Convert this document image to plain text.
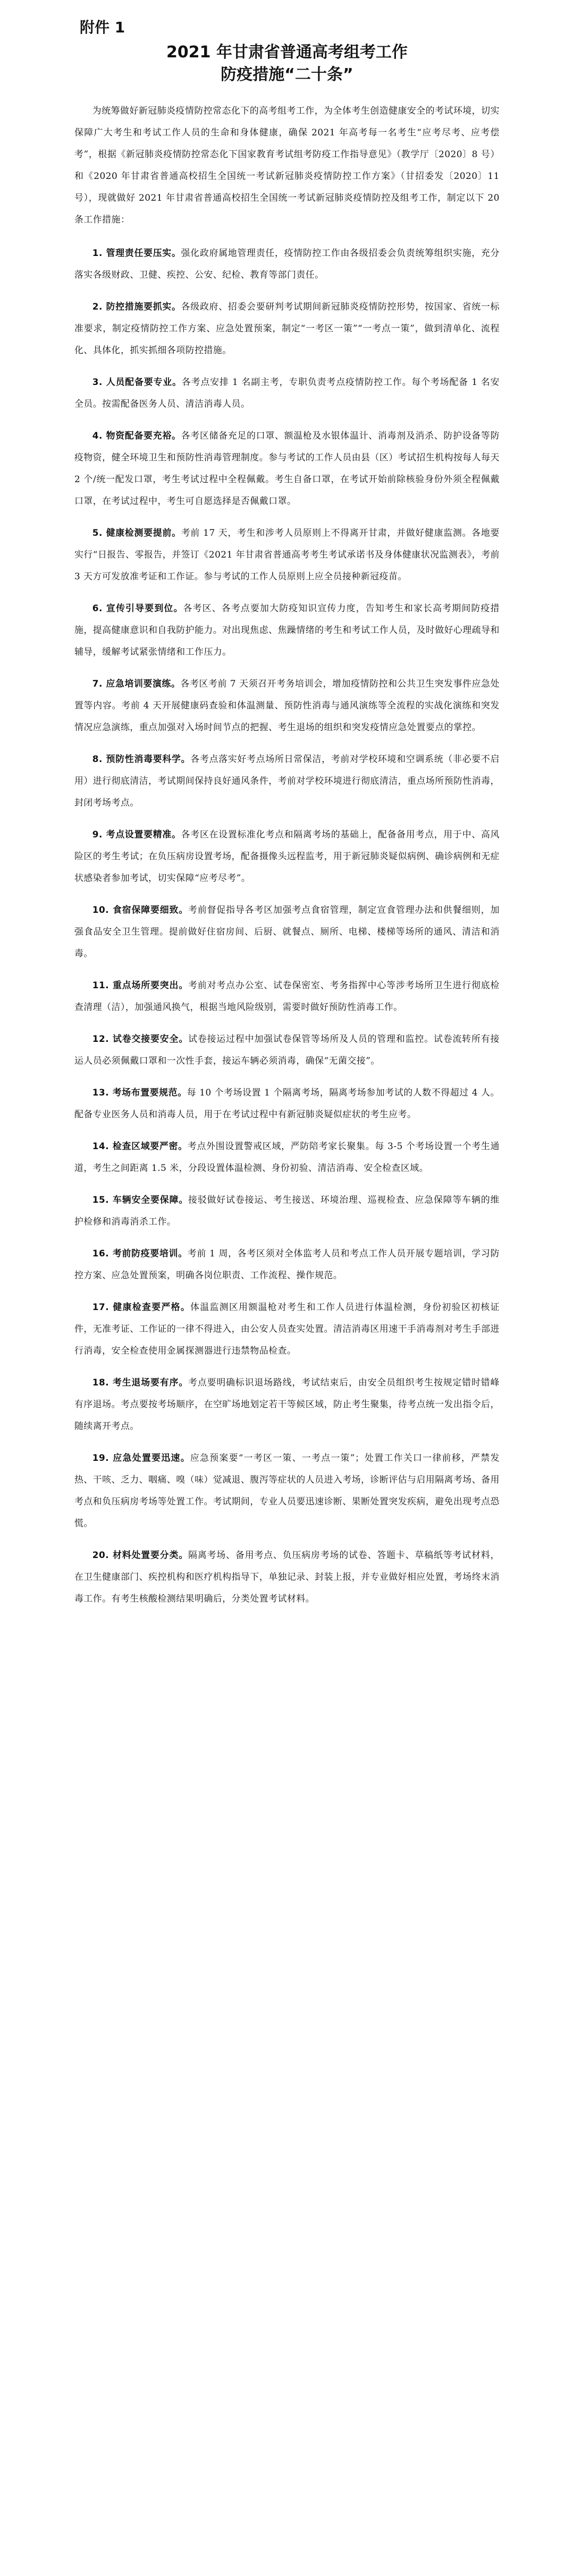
附件 1
2021 年甘肃省普通高考组考工作
防疫措施“二十条”

为统筹做好新冠肺炎疫情防控常态化下的高考组考工作，为全体考生创造健康安全的考试环境，切实保障广大考生和考试工作人员的生命和身体健康，确保 2021 年高考每一名考生“应考尽考、应考偿考”，根据《新冠肺炎疫情防控常态化下国家教育考试组考防疫工作指导意见》（教学厅〔2020〕8 号）和《2020 年甘肃省普通高校招生全国统一考试新冠肺炎疫情防控工作方案》（甘招委发〔2020〕11 号），现就做好 2021 年甘肃省普通高校招生全国统一考试新冠肺炎疫情防控及组考工作，制定以下 20 条工作措施：

1. 管理责任要压实。强化政府属地管理责任，疫情防控工作由各级招委会负责统筹组织实施，充分落实各级财政、卫健、疾控、公安、纪检、教育等部门责任。

2. 防控措施要抓实。各级政府、招委会要研判考试期间新冠肺炎疫情防控形势，按国家、省统一标准要求，制定疫情防控工作方案、应急处置预案，制定“一考区一策”“一考点一策”，做到清单化、流程化、具体化，抓实抓细各项防控措施。

3. 人员配备要专业。各考点安排 1 名副主考，专职负责考点疫情防控工作。每个考场配备 1 名安全员。按需配备医务人员、清洁消毒人员。

4. 物资配备要充裕。各考区储备充足的口罩、额温枪及水银体温计、消毒剂及消杀、防护设备等防疫物资，健全环境卫生和预防性消毒管理制度。参与考试的工作人员由县（区）考试招生机构按每人每天 2 个/统一配发口罩，考生考试过程中全程佩戴。考生自备口罩，在考试开始前除核验身份外须全程佩戴口罩，在考试过程中，考生可自愿选择是否佩戴口罩。

5. 健康检测要提前。考前 17 天，考生和涉考人员原则上不得离开甘肃，并做好健康监测。各地要实行“日报告、零报告，并签订《2021 年甘肃省普通高考考生考试承诺书及身体健康状况监测表》，考前 3 天方可发放准考证和工作证。参与考试的工作人员原则上应全员接种新冠疫苗。

6. 宣传引导要到位。各考区、各考点要加大防疫知识宣传力度，告知考生和家长高考期间防疫措施，提高健康意识和自我防护能力。对出现焦虑、焦躁情绪的考生和考试工作人员，及时做好心理疏导和辅导，缓解考试紧张情绪和工作压力。

7. 应急培训要演练。各考区考前 7 天须召开考务培训会，增加疫情防控和公共卫生突发事件应急处置等内容。考前 4 天开展健康码查验和体温测量、预防性消毒与通风演练等全流程的实战化演练和突发情况应急演练，重点加强对入场时间节点的把握、考生退场的组织和突发疫情应急处置要点的掌控。

8. 预防性消毒要科学。各考点落实好考点场所日常保洁，考前对学校环境和空调系统（非必要不启用）进行彻底清洁，考试期间保持良好通风条件，考前对学校环境进行彻底清洁，重点场所预防性消毒，封闭考场考点。

9. 考点设置要精准。各考区在设置标准化考点和隔离考场的基础上，配备备用考点，用于中、高风险区的考生考试；在负压病房设置考场，配备摄像头远程监考，用于新冠肺炎疑似病例、确诊病例和无症状感染者参加考试，切实保障“应考尽考”。

10. 食宿保障要细致。考前督促指导各考区加强考点食宿管理，制定宣食管理办法和供餐细则，加强食品安全卫生管理。提前做好住宿房间、后厨、就餐点、厕所、电梯、楼梯等场所的通风、清洁和消毒。

11. 重点场所要突出。考前对考点办公室、试卷保密室、考务指挥中心等涉考场所卫生进行彻底检查清理（洁），加强通风换气，根据当地风险级别，需要时做好预防性消毒工作。

12. 试卷交接要安全。试卷接运过程中加强试卷保管等场所及人员的管理和监控。试卷流转所有接运人员必须佩戴口罩和一次性手套，接运车辆必须消毒，确保“无菌交接”。

13. 考场布置要规范。每 10 个考场设置 1 个隔离考场，隔离考场参加考试的人数不得超过 4 人。配备专业医务人员和消毒人员，用于在考试过程中有新冠肺炎疑似症状的考生应考。

14. 检查区域要严密。考点外围设置警戒区域，严防陪考家长聚集。每 3-5 个考场设置一个考生通道，考生之间距离 1.5 米，分段设置体温检测、身份初验、清洁消毒、安全检查区域。

15. 车辆安全要保障。接驳做好试卷接运、考生接送、环境治理、巡视检查、应急保障等车辆的维护检修和消毒消杀工作。

16. 考前防疫要培训。考前 1 周，各考区须对全体监考人员和考点工作人员开展专题培训，学习防控方案、应急处置预案，明确各岗位职责、工作流程、操作规范。

17. 健康检查要严格。体温监测区用额温枪对考生和工作人员进行体温检测，身份初验区初核证件，无准考证、工作证的一律不得进入，由公安人员查实处置。清洁消毒区用速干手消毒剂对考生手部进行消毒，安全检查使用金属探测器进行违禁物品检查。

18. 考生退场要有序。考点要明确标识退场路线，考试结束后，由安全员组织考生按规定错时错峰有序退场。考点要按考场顺序，在空旷场地划定若干等候区域，防止考生聚集，待考点统一发出指令后，随续离开考点。

19. 应急处置要迅速。应急预案要“一考区一策、一考点一策”；处置工作关口一律前移，严禁发热、干咳、乏力、咽痛、嗅（味）觉减退、腹泻等症状的人员进入考场，诊断评估与启用隔离考场、备用考点和负压病房考场等处置工作。考试期间，专业人员要迅速诊断、果断处置突发疾病，避免出现考点恐慌。

20. 材料处置要分类。隔离考场、备用考点、负压病房考场的试卷、答题卡、草稿纸等考试材料，在卫生健康部门、疾控机构和医疗机构指导下，单独记录、封装上报，并专业做好相应处置，考场终末消毒工作。有考生核酸检测结果明确后，分类处置考试材料。
